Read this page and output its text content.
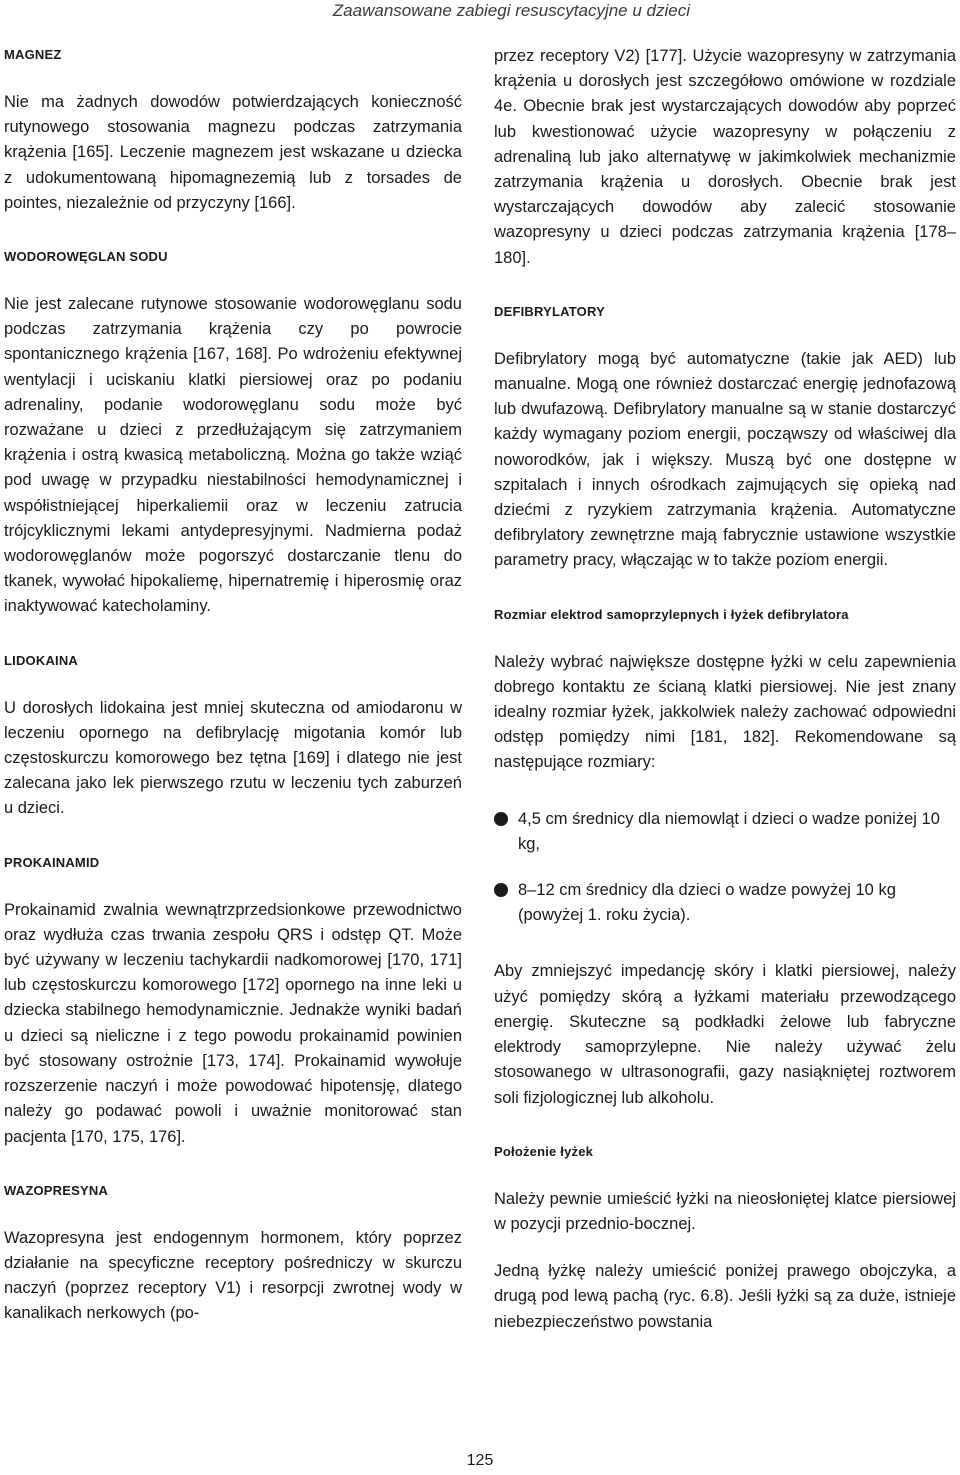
Zaawansowane zabiegi resuscytacyjne u dzieci
MAGNEZ

Nie ma żadnych dowodów potwierdzających konieczność rutynowego stosowania magnezu podczas zatrzymania krążenia [165]. Leczenie magnezem jest wskazane u dziecka z udokumentowaną hipomagnezemią lub z torsades de pointes, niezależnie od przyczyny [166].

WODOROWĘGLAN SODU

Nie jest zalecane rutynowe stosowanie wodorowęglanu sodu podczas zatrzymania krążenia czy po powrocie spontanicznego krążenia [167, 168]. Po wdrożeniu efektywnej wentylacji i uciskaniu klatki piersiowej oraz po podaniu adrenaliny, podanie wodorowęglanu sodu może być rozważane u dzieci z przedłużającym się zatrzymaniem krążenia i ostrą kwasicą metaboliczną. Można go także wziąć pod uwagę w przypadku niestabilności hemodynamicznej i współistniejącej hiperkaliemii oraz w leczeniu zatrucia trójcyklicznymi lekami antydepresyjnymi. Nadmierna podaż wodorowęglanów może pogorszyć dostarczanie tlenu do tkanek, wywołać hipokaliemę, hipernatremię i hiperosmię oraz inaktywować katecholaminy.

LIDOKAINA

U dorosłych lidokaina jest mniej skuteczna od amiodaronu w leczeniu opornego na defibrylację migotania komór lub częstoskurczu komorowego bez tętna [169] i dlatego nie jest zalecana jako lek pierwszego rzutu w leczeniu tych zaburzeń u dzieci.

PROKAINAMID

Prokainamid zwalnia wewnątrzprzedsionkowe przewodnictwo oraz wydłuża czas trwania zespołu QRS i odstęp QT. Może być używany w leczeniu tachykardii nadkomorowej [170, 171] lub częstoskurczu komorowego [172] opornego na inne leki u dziecka stabilnego hemodynamicznie. Jednakże wyniki badań u dzieci są nieliczne i z tego powodu prokainamid powinien być stosowany ostrożnie [173, 174]. Prokainamid wywołuje rozszerzenie naczyń i może powodować hipotensję, dlatego należy go podawać powoli i uważnie monitorować stan pacjenta [170, 175, 176].

WAZOPRESYNA

Wazopresyna jest endogennym hormonem, który poprzez działanie na specyficzne receptory pośredniczy w skurczu naczyń (poprzez receptory V1) i resorpcji zwrotnej wody w kanalikach nerkowych (po-

przez receptory V2) [177]. Użycie wazopresyny w zatrzymania krążenia u dorosłych jest szczegółowo omówione w rozdziale 4e. Obecnie brak jest wystarczających dowodów aby poprzeć lub kwestionować użycie wazopresyny w połączeniu z adrenaliną lub jako alternatywę w jakimkolwiek mechanizmie zatrzymania krążenia u dorosłych. Obecnie brak jest wystarczających dowodów aby zalecić stosowanie wazopresyny u dzieci podczas zatrzymania krążenia [178–180].

DEFIBRYLATORY

Defibrylatory mogą być automatyczne (takie jak AED) lub manualne. Mogą one również dostarczać energię jednofazową lub dwufazową. Defibrylatory manualne są w stanie dostarczyć każdy wymagany poziom energii, począwszy od właściwej dla noworodków, jak i większy. Muszą być one dostępne w szpitalach i innych ośrodkach zajmujących się opieką nad dziećmi z ryzykiem zatrzymania krążenia. Automatyczne defibrylatory zewnętrzne mają fabrycznie ustawione wszystkie parametry pracy, włączając w to także poziom energii.

Rozmiar elektrod samoprzylepnych i łyżek defibrylatora

Należy wybrać największe dostępne łyżki w celu zapewnienia dobrego kontaktu ze ścianą klatki piersiowej. Nie jest znany idealny rozmiar łyżek, jakkolwiek należy zachować odpowiedni odstęp pomiędzy nimi [181, 182]. Rekomendowane są następujące rozmiary:

4,5 cm średnicy dla niemowląt i dzieci o wadze poniżej 10 kg,
8–12 cm średnicy dla dzieci o wadze powyżej 10 kg (powyżej 1. roku życia).

Aby zmniejszyć impedancję skóry i klatki piersiowej, należy użyć pomiędzy skórą a łyżkami materiału przewodzącego energię. Skuteczne są podkładki żelowe lub fabryczne elektrody samoprzylepne. Nie należy używać żelu stosowanego w ultrasonografii, gazy nasiąkniętej roztworem soli fizjologicznej lub alkoholu.

Położenie łyżek

Należy pewnie umieścić łyżki na nieosłoniętej klatce piersiowej w pozycji przednio-bocznej.

Jedną łyżkę należy umieścić poniżej prawego obojczyka, a drugą pod lewą pachą (ryc. 6.8). Jeśli łyżki są za duże, istnieje niebezpieczeństwo powstania

125
